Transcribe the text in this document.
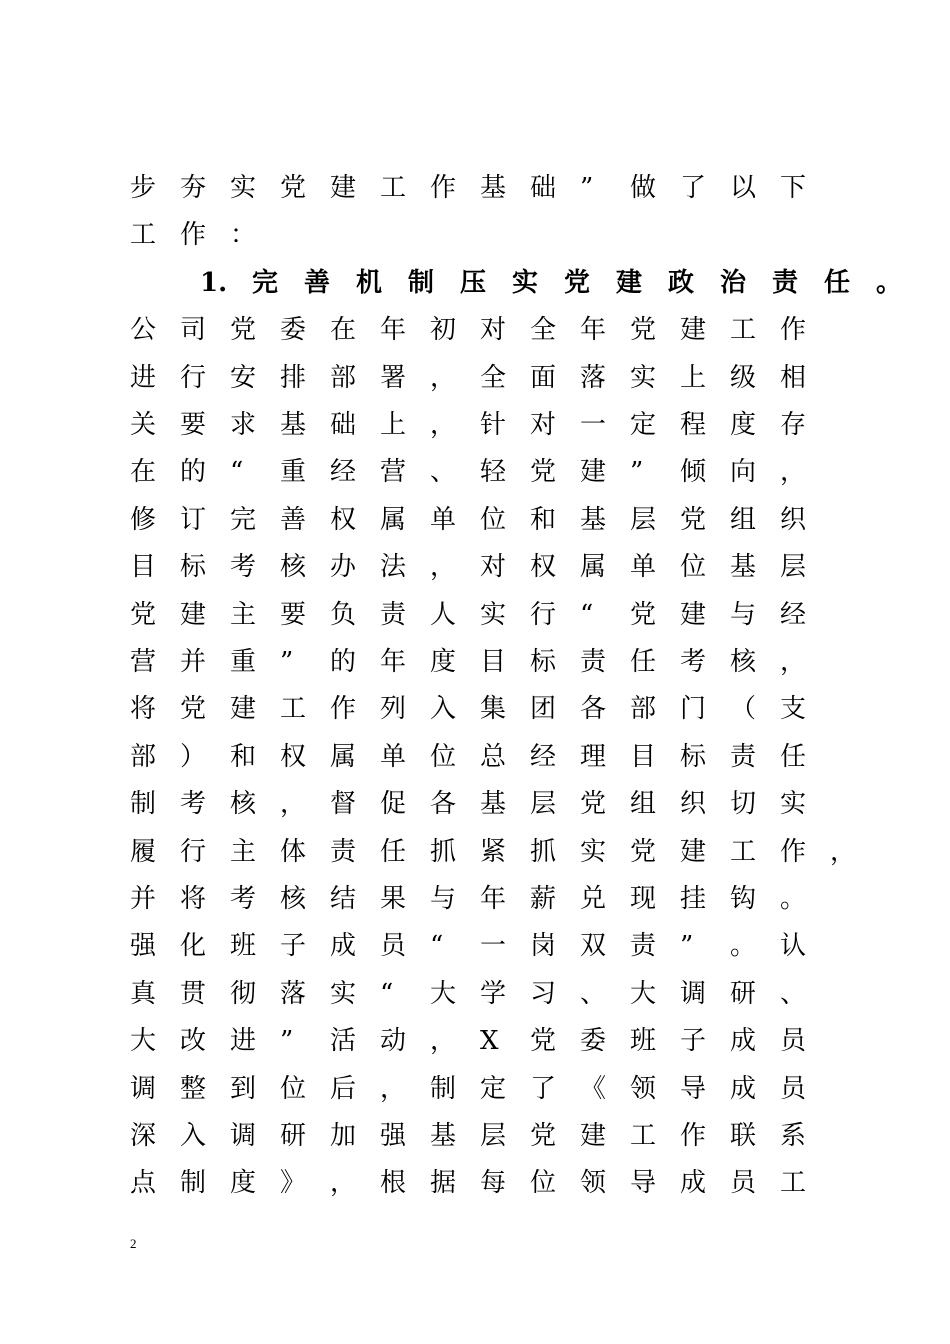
步 夯 实 党 建 工 作 基 础 ”	做 了 以 下
工 作 ：
1. 完 善 机 制 压 实 党 建 政 治 责 任 。
公 司 党 委 在 年 初 对 全 年 党 建 工 作
进 行 安 排 部 署 ， 全 面 落 实 上 级 相
关 要 求 基 础 上 ， 针 对 一 定 程 度 存
在 的 “	重 经 营 、 轻 党 建 ”	倾 向 ，
修 订 完 善 权 属 单 位 和 基 层 党 组 织
目 标 考 核 办 法 ， 对 权 属 单 位 基 层
党 建 主 要 负 责 人 实 行 “	党 建 与 经
营 并 重 ”	的 年 度 目 标 责 任 考 核 ，
将 党 建 工 作 列 入 集 团 各 部 门 （ 支
部 ） 和 权 属 单 位 总 经 理 目 标 责 任
制 考 核 ， 督 促 各 基 层 党 组 织 切 实
履 行 主 体 责 任 抓 紧 抓 实 党 建 工 作 ，
并 将 考 核 结 果 与 年 薪 兑 现 挂 钩 。
强 化 班 子 成 员 “	一 岗 双 责 ”	。 认
真 贯 彻 落 实 “	大 学 习 、 大 调 研 、
大 改 进 ”	活 动 ， X	党 委 班 子 成 员
调 整 到 位 后 ， 制 定 了 《 领 导 成 员
深 入 调 研 加 强 基 层 党 建 工 作 联 系
点 制 度 》 ， 根 据 每 位 领 导 成 员 工
2
